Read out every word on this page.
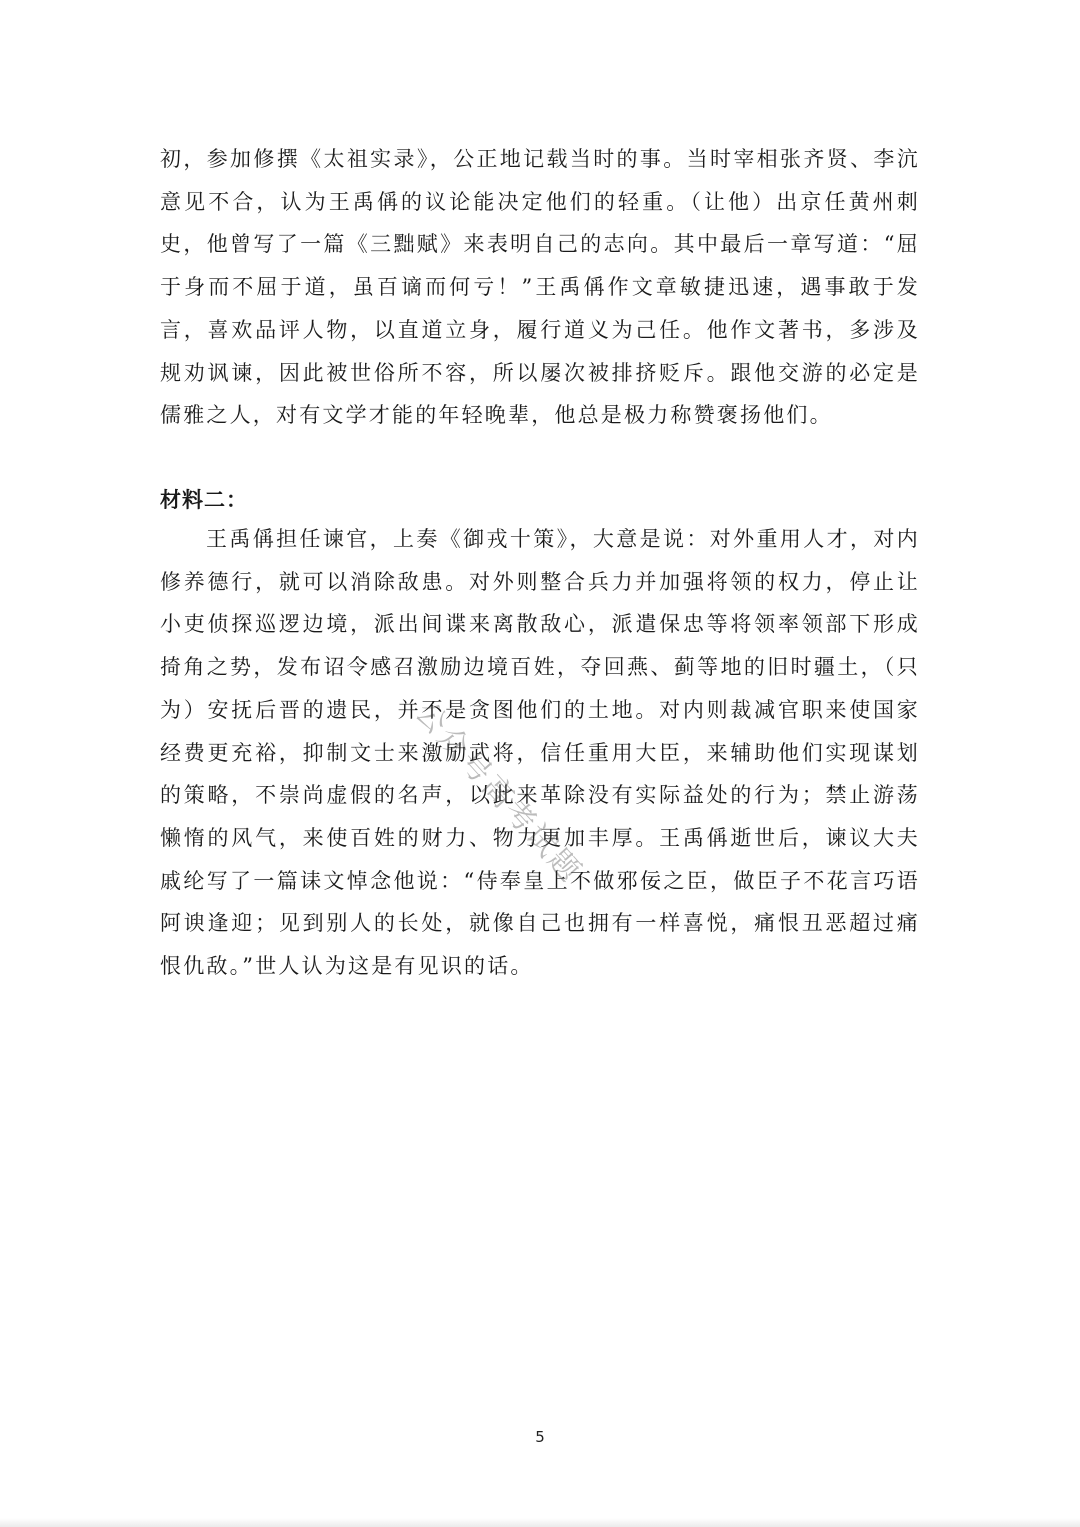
初，参加修撰《太祖实录》，公正地记载当时的事。当时宰相张齐贤、李沆意见不合，认为王禹偁的议论能决定他们的轻重。（让他）出京任黄州刺史，他曾写了一篇《三黜赋》来表明自己的志向。其中最后一章写道：“屈于身而不屈于道，虽百谪而何亏！”王禹偁作文章敏捷迅速，遇事敢于发言，喜欢品评人物，以直道立身，履行道义为己任。他作文著书，多涉及规劝讽谏，因此被世俗所不容，所以屡次被排挤贬斥。跟他交游的必定是儒雅之人，对有文学才能的年轻晚辈，他总是极力称赞褒扬他们。

材料二：

王禹偁担任谏官，上奏《御戎十策》，大意是说：对外重用人才，对内修养德行，就可以消除敌患。对外则整合兵力并加强将领的权力，停止让小吏侦探巡逻边境，派出间谍来离散敌心，派遣保忠等将领率领部下形成掎角之势，发布诏令感召激励边境百姓，夺回燕、蓟等地的旧时疆土，（只为）安抚后晋的遗民，并不是贪图他们的土地。对内则裁减官职来使国家经费更充裕，抑制文士来激励武将，信任重用大臣，来辅助他们实现谋划的策略，不崇尚虚假的名声，以此来革除没有实际益处的行为；禁止游荡懒惰的风气，来使百姓的财力、物力更加丰厚。王禹偁逝世后，谏议大夫戚纶写了一篇诔文悼念他说：“侍奉皇上不做邪佞之臣，做臣子不花言巧语阿谀逢迎；见到别人的长处，就像自己也拥有一样喜悦，痛恨丑恶超过痛恨仇敌。”世人认为这是有见识的话。

公众号高考试题
5
